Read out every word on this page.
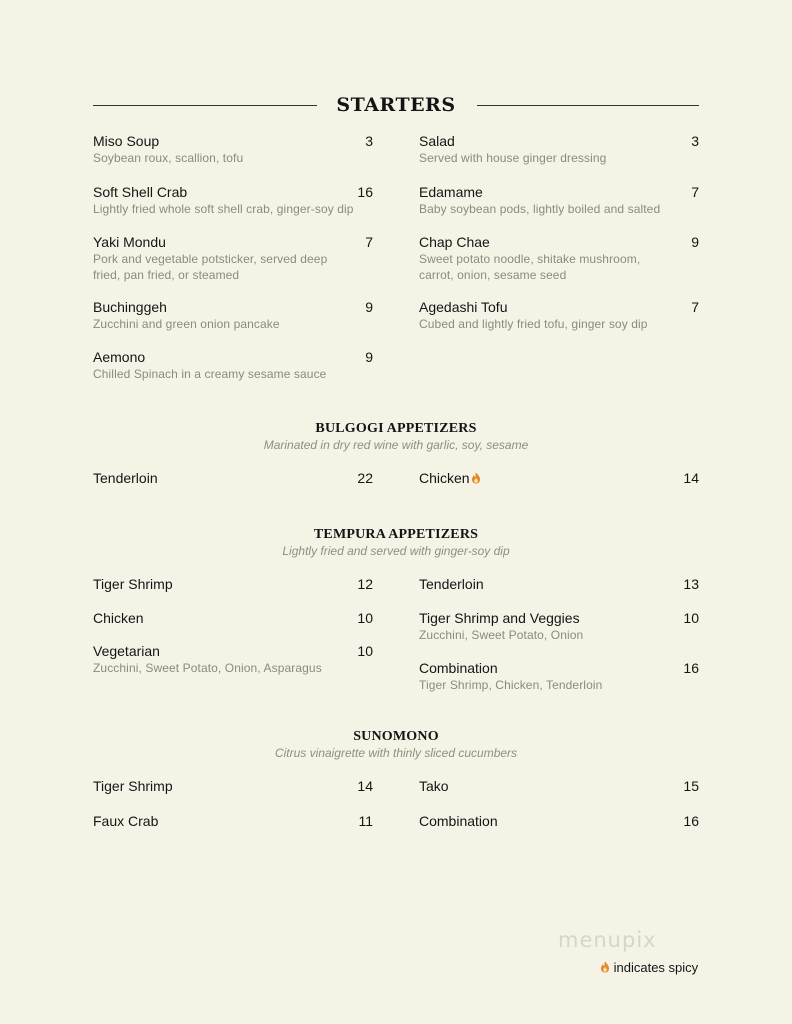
STARTERS
Miso Soup	3
Soybean roux, scallion, tofu
Soft Shell Crab	16
Lightly fried whole soft shell crab, ginger-soy dip
Yaki Mondu	7
Pork and vegetable potsticker, served deep
fried, pan fried, or steamed
Buchinggeh	9
Zucchini and green onion pancake
Aemono	9
Chilled Spinach in a creamy sesame sauce
Salad	3
Served with house ginger dressing
Edamame	7
Baby soybean pods, lightly boiled and salted
Chap Chae	9
Sweet potato noodle, shitake mushroom,
carrot, onion, sesame seed
Agedashi Tofu	7
Cubed and lightly fried tofu, ginger soy dip
BULGOGI APPETIZERS
Marinated in dry red wine with garlic, soy, sesame
Tenderloin	22	Chicken	14
TEMPURA APPETIZERS
Lightly fried and served with ginger-soy dip
Tiger Shrimp	12
Chicken	10
Vegetarian	10
Zucchini, Sweet Potato, Onion, Asparagus
Tenderloin	13
Tiger Shrimp and Veggies	10
Zucchini, Sweet Potato, Onion
Combination	16
Tiger Shrimp, Chicken, Tenderloin
SUNOMONO
Citrus vinaigrette with thinly sliced cucumbers
Tiger Shrimp	14
Faux Crab	11
Tako	15
Combination	16
menupix
indicates spicy
